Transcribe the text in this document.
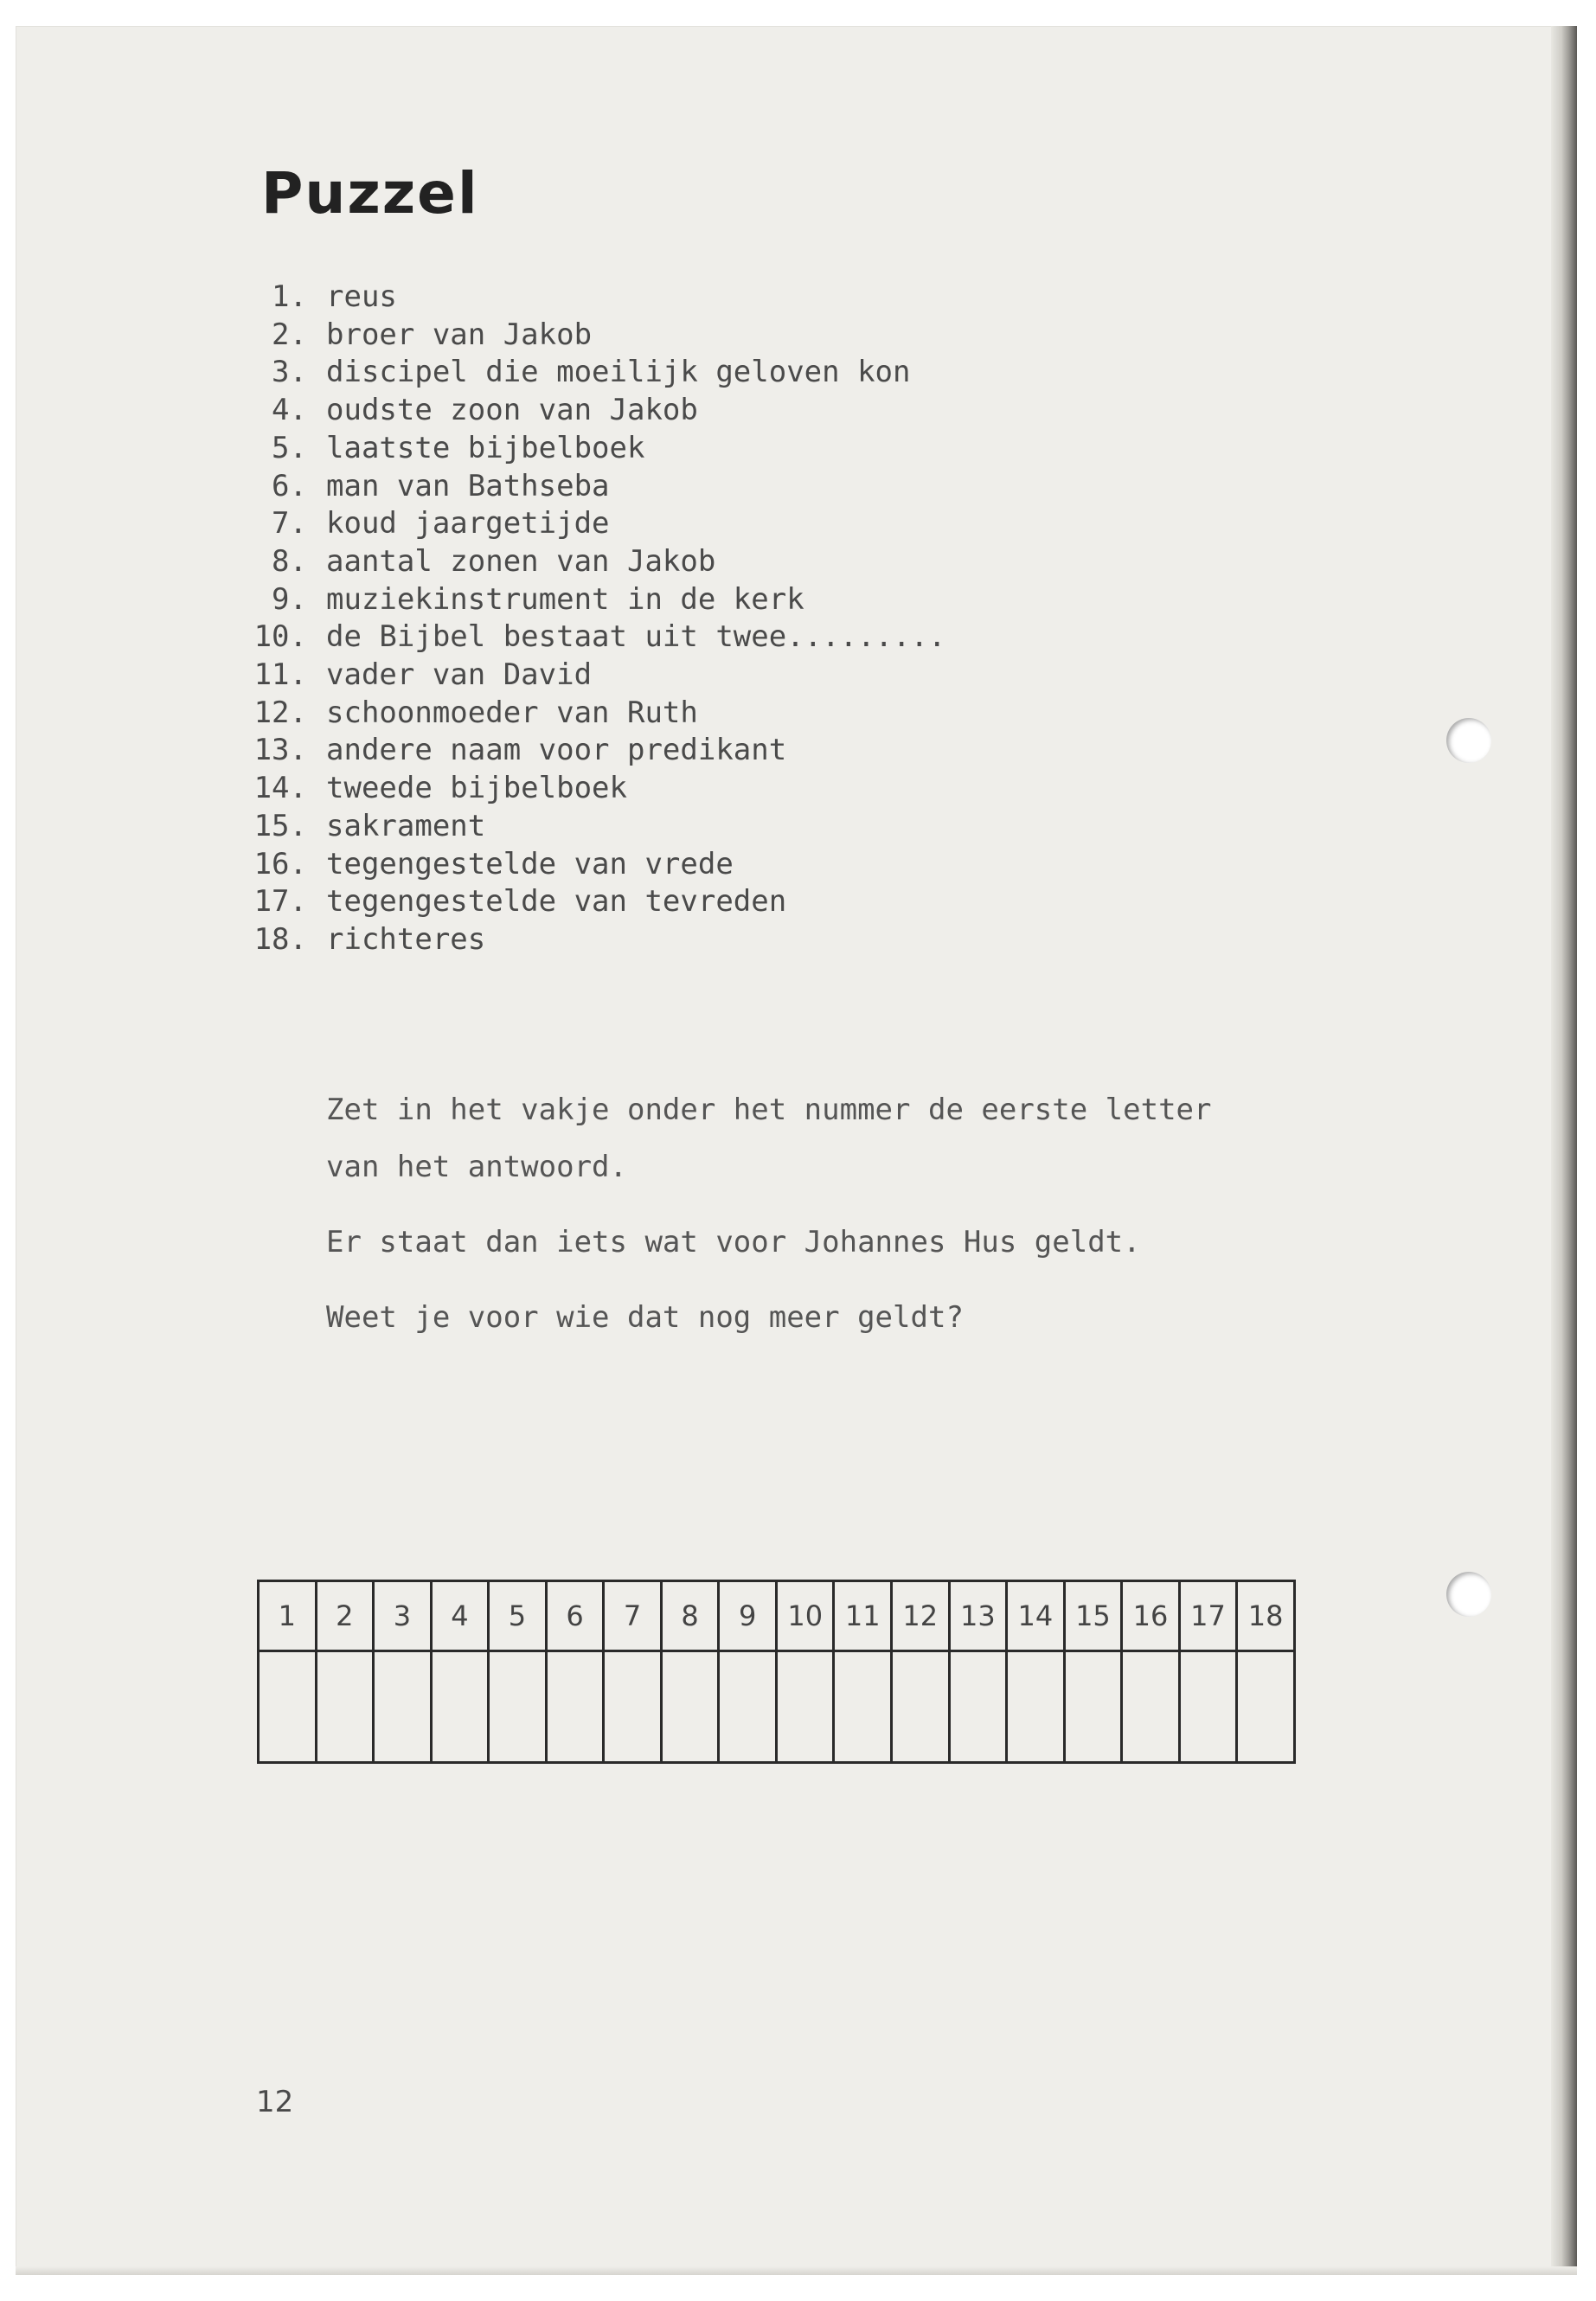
Puzzel
1. reus
2. broer van Jakob
3. discipel die moeilijk geloven kon
4. oudste zoon van Jakob
5. laatste bijbelboek
6. man van Bathseba
7. koud jaargetijde
8. aantal zonen van Jakob
9. muziekinstrument in de kerk
10. de Bijbel bestaat uit twee.........
11. vader van David
12. schoonmoeder van Ruth
13. andere naam voor predikant
14. tweede bijbelboek
15. sakrament
16. tegengestelde van vrede
17. tegengestelde van tevreden
18. richteres

Zet in het vakje onder het nummer de eerste letter
van het antwoord.

Er staat dan iets wat voor Johannes Hus geldt.

Weet je voor wie dat nog meer geldt?

1	2	3	4	5	6	7	8	9	10	11	12	13	14	15	16	17	18

12
